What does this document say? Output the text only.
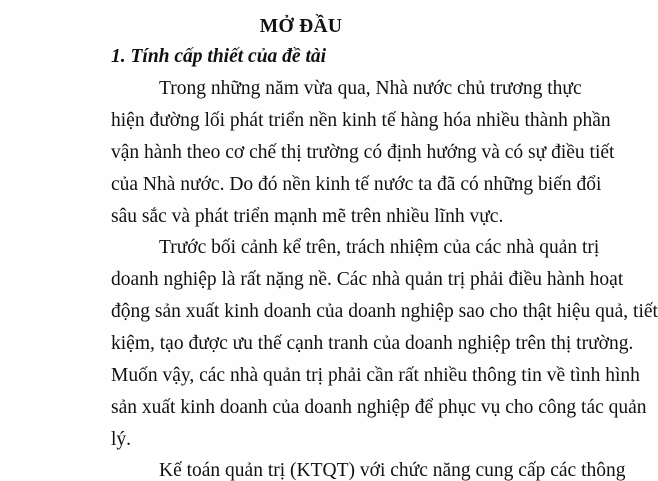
MỞ ĐẦU
1. Tính cấp thiết của đề tài
Trong những năm vừa qua, Nhà nước chủ trương thực
hiện đường lối phát triển nền kinh tế hàng hóa nhiều thành phần
vận hành theo cơ chế thị trường có định hướng và có sự điều tiết
của Nhà nước. Do đó nền kinh tế nước ta đã có những biến đổi
sâu sắc và phát triển mạnh mẽ trên nhiều lĩnh vực.
Trước bối cảnh kể trên, trách nhiệm của các nhà quản trị
doanh nghiệp là rất nặng nề. Các nhà quản trị phải điều hành hoạt
động sản xuất kinh doanh của doanh nghiệp sao cho thật hiệu quả, tiết
kiệm, tạo được ưu thế cạnh tranh của doanh nghiệp trên thị trường.
Muốn vậy, các nhà quản trị phải cần rất nhiều thông tin về tình hình
sản xuất kinh doanh của doanh nghiệp để phục vụ cho công tác quản
lý.
Kế toán quản trị (KTQT) với chức năng cung cấp các thông
